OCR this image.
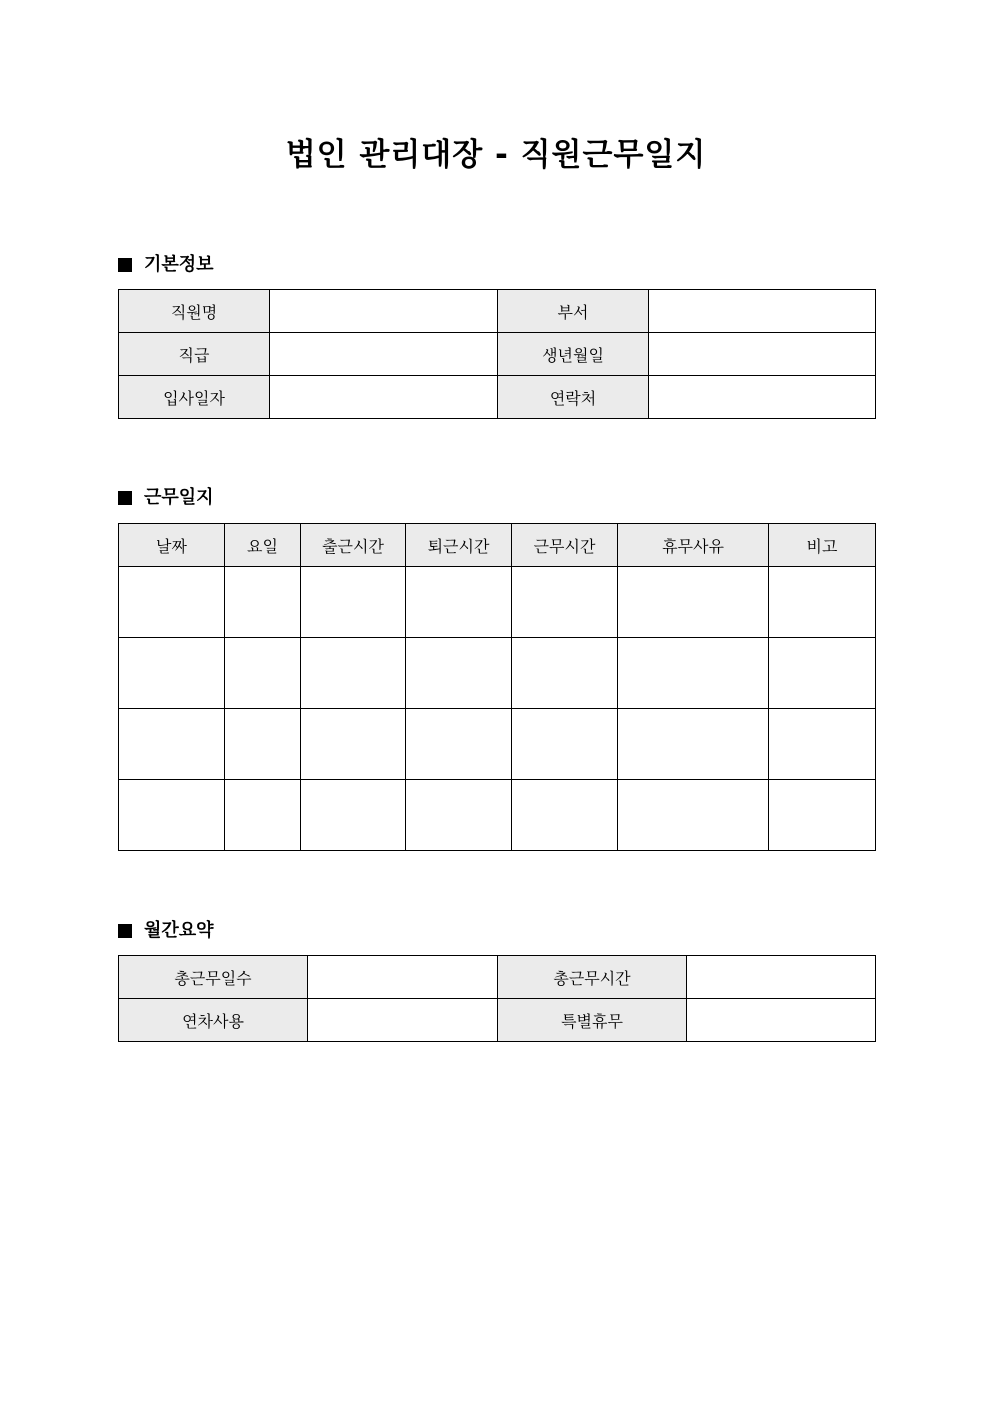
법인 관리대장 - 직원근무일지
기본정보
직원명		부서	
직급		생년월일	
입사일자		연락처	
근무일지
날짜	요일	출근시간	퇴근시간	근무시간	휴무사유	비고

월간요약
총근무일수		총근무시간	
연차사용		특별휴무	
